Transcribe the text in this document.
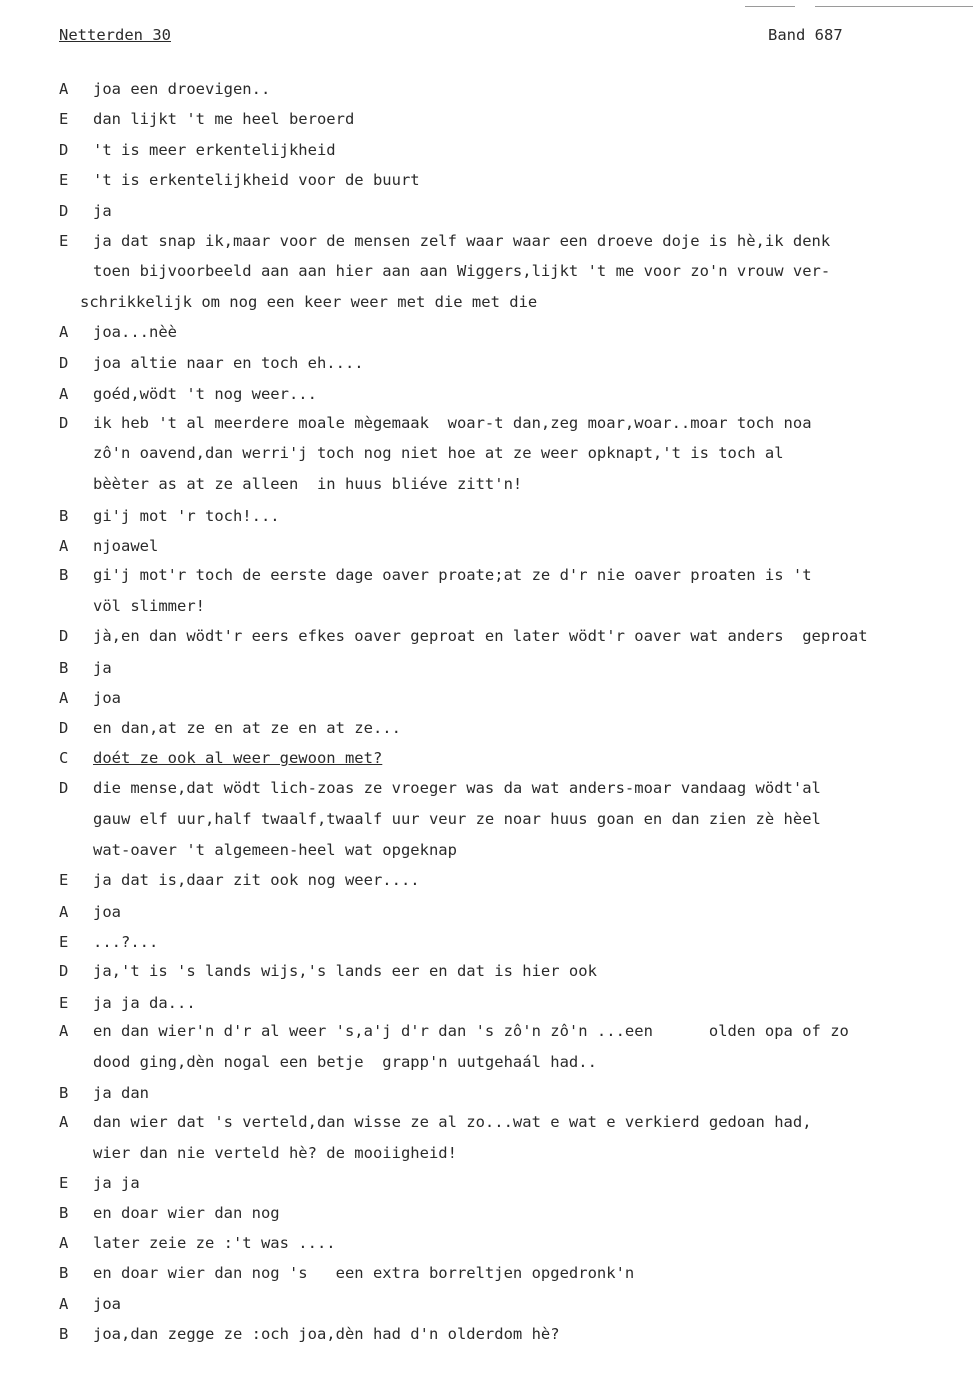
Netterden 30	Band 687
A	joa een droevigen..
E	dan lijkt 't me heel beroerd
D	't is meer erkentelijkheid
E	't is erkentelijkheid voor de buurt
D	ja
E	ja dat snap ik,maar voor de mensen zelf waar waar een droeve doje is hè,ik denk
toen bijvoorbeeld aan aan hier aan aan Wiggers,lijkt 't me voor zo'n vrouw ver-
schrikkelijk om nog een keer weer met die met die
A	joa...nèè
D	joa altie naar en toch eh....
A	goéd,wödt 't nog weer...
D	ik heb 't al meerdere moale mègemaak  woar-t dan,zeg moar,woar..moar toch noa
zô'n oavend,dan werri'j toch nog niet hoe at ze weer opknapt,'t is toch al
bèèter as at ze alleen  in huus bliéve zitt'n!
B	gi'j mot 'r toch!...
A	njoawel
B	gi'j mot'r toch de eerste dage oaver proate;at ze d'r nie oaver proaten is 't
völ slimmer!
D	jà,en dan wödt'r eers efkes oaver geproat en later wödt'r oaver wat anders  geproat
B	ja
A	joa
D	en dan,at ze en at ze en at ze...
C	doét ze ook al weer gewoon met?
D	die mense,dat wödt lich-zoas ze vroeger was da wat anders-moar vandaag wödt'al
gauw elf uur,half twaalf,twaalf uur veur ze noar huus goan en dan zien zè hèel
wat-oaver 't algemeen-heel wat opgeknap
E	ja dat is,daar zit ook nog weer....
A	joa
E	...?...
D	ja,'t is 's lands wijs,'s lands eer en dat is hier ook
E	ja ja da...
A	en dan wier'n d'r al weer 's,a'j d'r dan 's zô'n zô'n ...een      olden opa of zo
dood ging,dèn nogal een betje  grapp'n uutgehaál had..
B	ja dan
A	dan wier dat 's verteld,dan wisse ze al zo...wat e wat e verkierd gedoan had,
wier dan nie verteld hè? de mooiigheid!
E	ja ja
B	en doar wier dan nog
A	later zeie ze :'t was ....
B	en doar wier dan nog 's   een extra borreltjen opgedronk'n
A	joa
B	joa,dan zegge ze :och joa,dèn had d'n olderdom hè?
